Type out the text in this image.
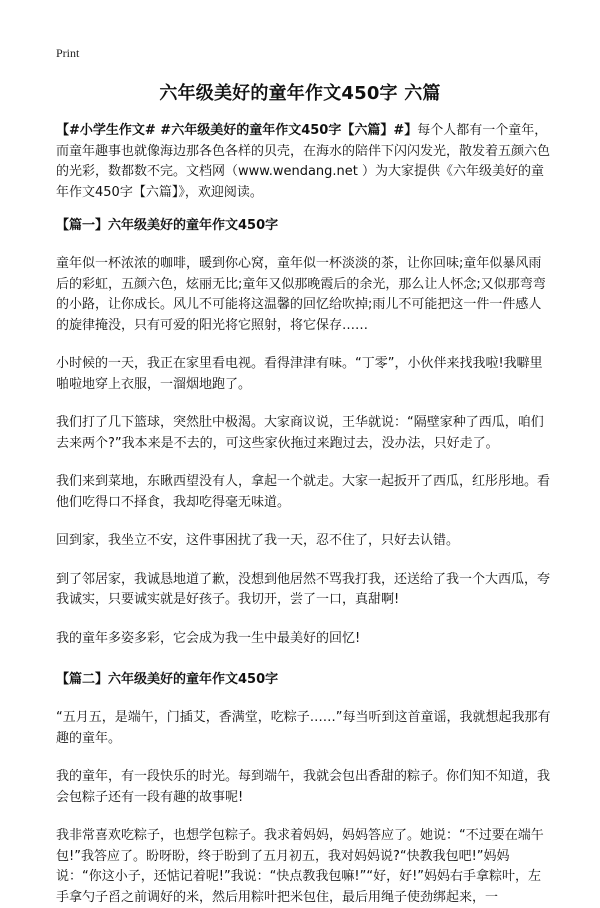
Print
六年级美好的童年作文450字 六篇

【#小学生作文# #六年级美好的童年作文450字【六篇】#】每个人都有一个童年，而童年趣事也就像海边那各色各样的贝壳，在海水的陪伴下闪闪发光，散发着五颜六色的光彩，数都数不完。文档网（www.wendang.net ）为大家提供《六年级美好的童年作文450字【六篇】》，欢迎阅读。

【篇一】六年级美好的童年作文450字

童年似一杯浓浓的咖啡，暖到你心窝，童年似一杯淡淡的茶，让你回味;童年似暴风雨后的彩虹，五颜六色，炫丽无比;童年又似那晚霞后的余光，那么让人怀念;又似那弯弯的小路，让你成长。风儿不可能将这温馨的回忆给吹掉;雨儿不可能把这一件一件感人的旋律掩没，只有可爱的阳光将它照射，将它保存……

小时候的一天，我正在家里看电视。看得津津有味。“丁零”，小伙伴来找我啦!我噼里啪啦地穿上衣服，一溜烟地跑了。

我们打了几下篮球，突然肚中极渴。大家商议说，王华就说：“隔壁家种了西瓜，咱们去来两个?”我本来是不去的，可这些家伙拖过来跑过去，没办法，只好走了。

我们来到菜地，东瞅西望没有人，拿起一个就走。大家一起扳开了西瓜，红彤彤地。看他们吃得口不择食，我却吃得毫无味道。

回到家，我坐立不安，这件事困扰了我一天，忍不住了，只好去认错。

到了邻居家，我诚恳地道了歉，没想到他居然不骂我打我，还送给了我一个大西瓜，夸我诚实，只要诚实就是好孩子。我切开，尝了一口，真甜啊!

我的童年多姿多彩，它会成为我一生中最美好的回忆!

【篇二】六年级美好的童年作文450字

“五月五，是端午，门插艾，香满堂，吃粽子……”每当听到这首童谣，我就想起我那有趣的童年。

我的童年，有一段快乐的时光。每到端午，我就会包出香甜的粽子。你们知不知道，我会包粽子还有一段有趣的故事呢!

我非常喜欢吃粽子，也想学包粽子。我求着妈妈，妈妈答应了。她说：“不过要在端午包!”我答应了。盼呀盼，终于盼到了五月初五，我对妈妈说?“快教我包吧!”妈妈说：“你这小子，还惦记着呢!”我说：“快点教我包嘛!”“好，好!”妈妈右手拿粽叶，左手拿勺子舀之前调好的米，然后用粽叶把米包住，最后用绳子使劲绑起来，一
